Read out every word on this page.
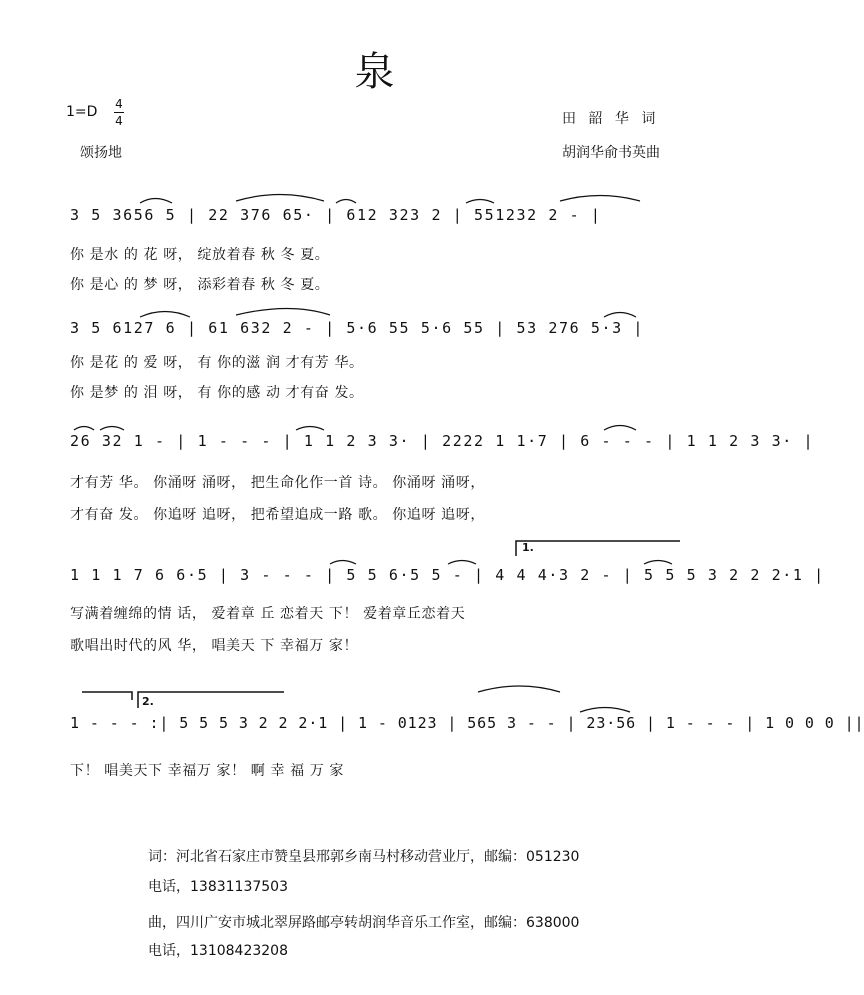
泉
1=D 4
4
颂扬地
田 韶 华 词
胡润华俞书英曲
3 5 3656 5 | 22 376 65· | 612 323 2 | 551232 2 - |
你 是水 的 花 呀， 绽放着春 秋 冬 夏。
你 是心 的 梦 呀， 添彩着春 秋 冬 夏。
3 5 6127 6 | 61 632 2 - | 5·6 55 5·6 55 | 53 276 5·3 |
你 是花 的 爱 呀， 有 你的滋 润 才有芳 华。
你 是梦 的 泪 呀， 有 你的感 动 才有奋 发。
26 32 1 - | 1 - - - | 1 1 2 3 3· | 2222 1 1·7 | 6 - - - | 1 1 2 3 3· |
才有芳 华。 你涌呀 涌呀， 把生命化作一首 诗。 你涌呀 涌呀，
才有奋 发。 你追呀 追呀， 把希望追成一路 歌。 你追呀 追呀，
1.
1 1 1 7 6 6·5 | 3 - - - | 5 5 6·5 5 - | 4 4 4·3 2 - | 5 5 5 3 2 2 2·1 |
写满着缠绵的情 话， 爱着章 丘 恋着天 下！ 爱着章丘恋着天
歌唱出时代的风 华， 唱美天 下 幸福万 家！
2.
1 - - - :| 5 5 5 3 2 2 2·1 | 1 - 0123 | 565 3 - - | 23·56 | 1 - - - | 1 0 0 0 ||
下！ 唱美天下 幸福万 家！ 啊 幸 福 万 家
词：河北省石家庄市赞皇县邢郭乡南马村移动营业厅，邮编：051230
电话，13831137503
曲，四川广安市城北翠屏路邮亭转胡润华音乐工作室，邮编：638000
电话，13108423208
